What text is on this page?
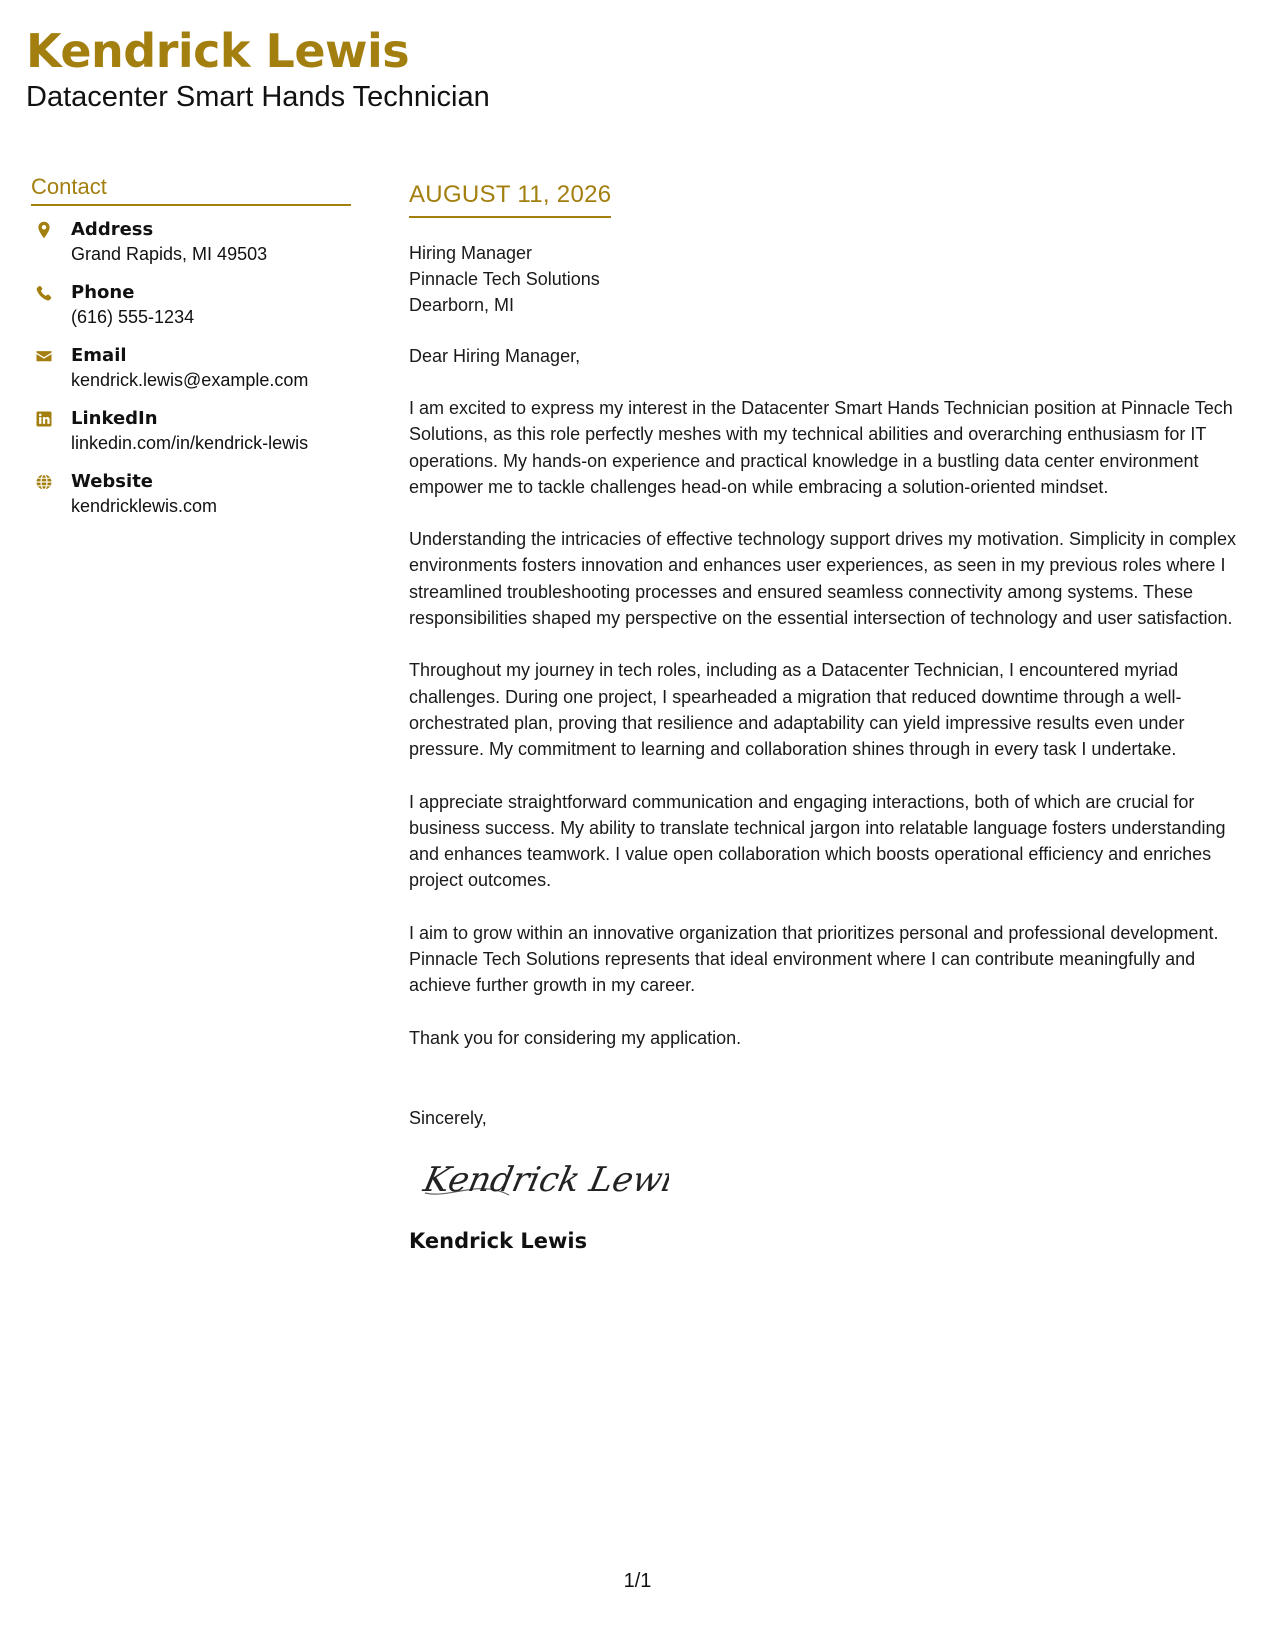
Kendrick Lewis

Datacenter Smart Hands Technician

Contact
Address
Grand Rapids, MI 49503
Phone
(616) 555-1234
Email
kendrick.lewis@example.com
LinkedIn
linkedin.com/in/kendrick-lewis
Website
kendricklewis.com
AUGUST 11, 2026
Hiring Manager
Pinnacle Tech Solutions
Dearborn, MI
Dear Hiring Manager,
I am excited to express my interest in the Datacenter Smart Hands Technician position at Pinnacle Tech Solutions, as this role perfectly meshes with my technical abilities and overarching enthusiasm for IT operations. My hands-on experience and practical knowledge in a bustling data center environment empower me to tackle challenges head-on while embracing a solution-oriented mindset.
Understanding the intricacies of effective technology support drives my motivation. Simplicity in complex environments fosters innovation and enhances user experiences, as seen in my previous roles where I streamlined troubleshooting processes and ensured seamless connectivity among systems. These responsibilities shaped my perspective on the essential intersection of technology and user satisfaction.
Throughout my journey in tech roles, including as a Datacenter Technician, I encountered myriad challenges. During one project, I spearheaded a migration that reduced downtime through a well-orchestrated plan, proving that resilience and adaptability can yield impressive results even under pressure. My commitment to learning and collaboration shines through in every task I undertake.
I appreciate straightforward communication and engaging interactions, both of which are crucial for business success. My ability to translate technical jargon into relatable language fosters understanding and enhances teamwork. I value open collaboration which boosts operational efficiency and enriches project outcomes.
I aim to grow within an innovative organization that prioritizes personal and professional development. Pinnacle Tech Solutions represents that ideal environment where I can contribute meaningfully and achieve further growth in my career.
Thank you for considering my application.
Sincerely,
Kendrick Lewis
Kendrick Lewis
1/1
